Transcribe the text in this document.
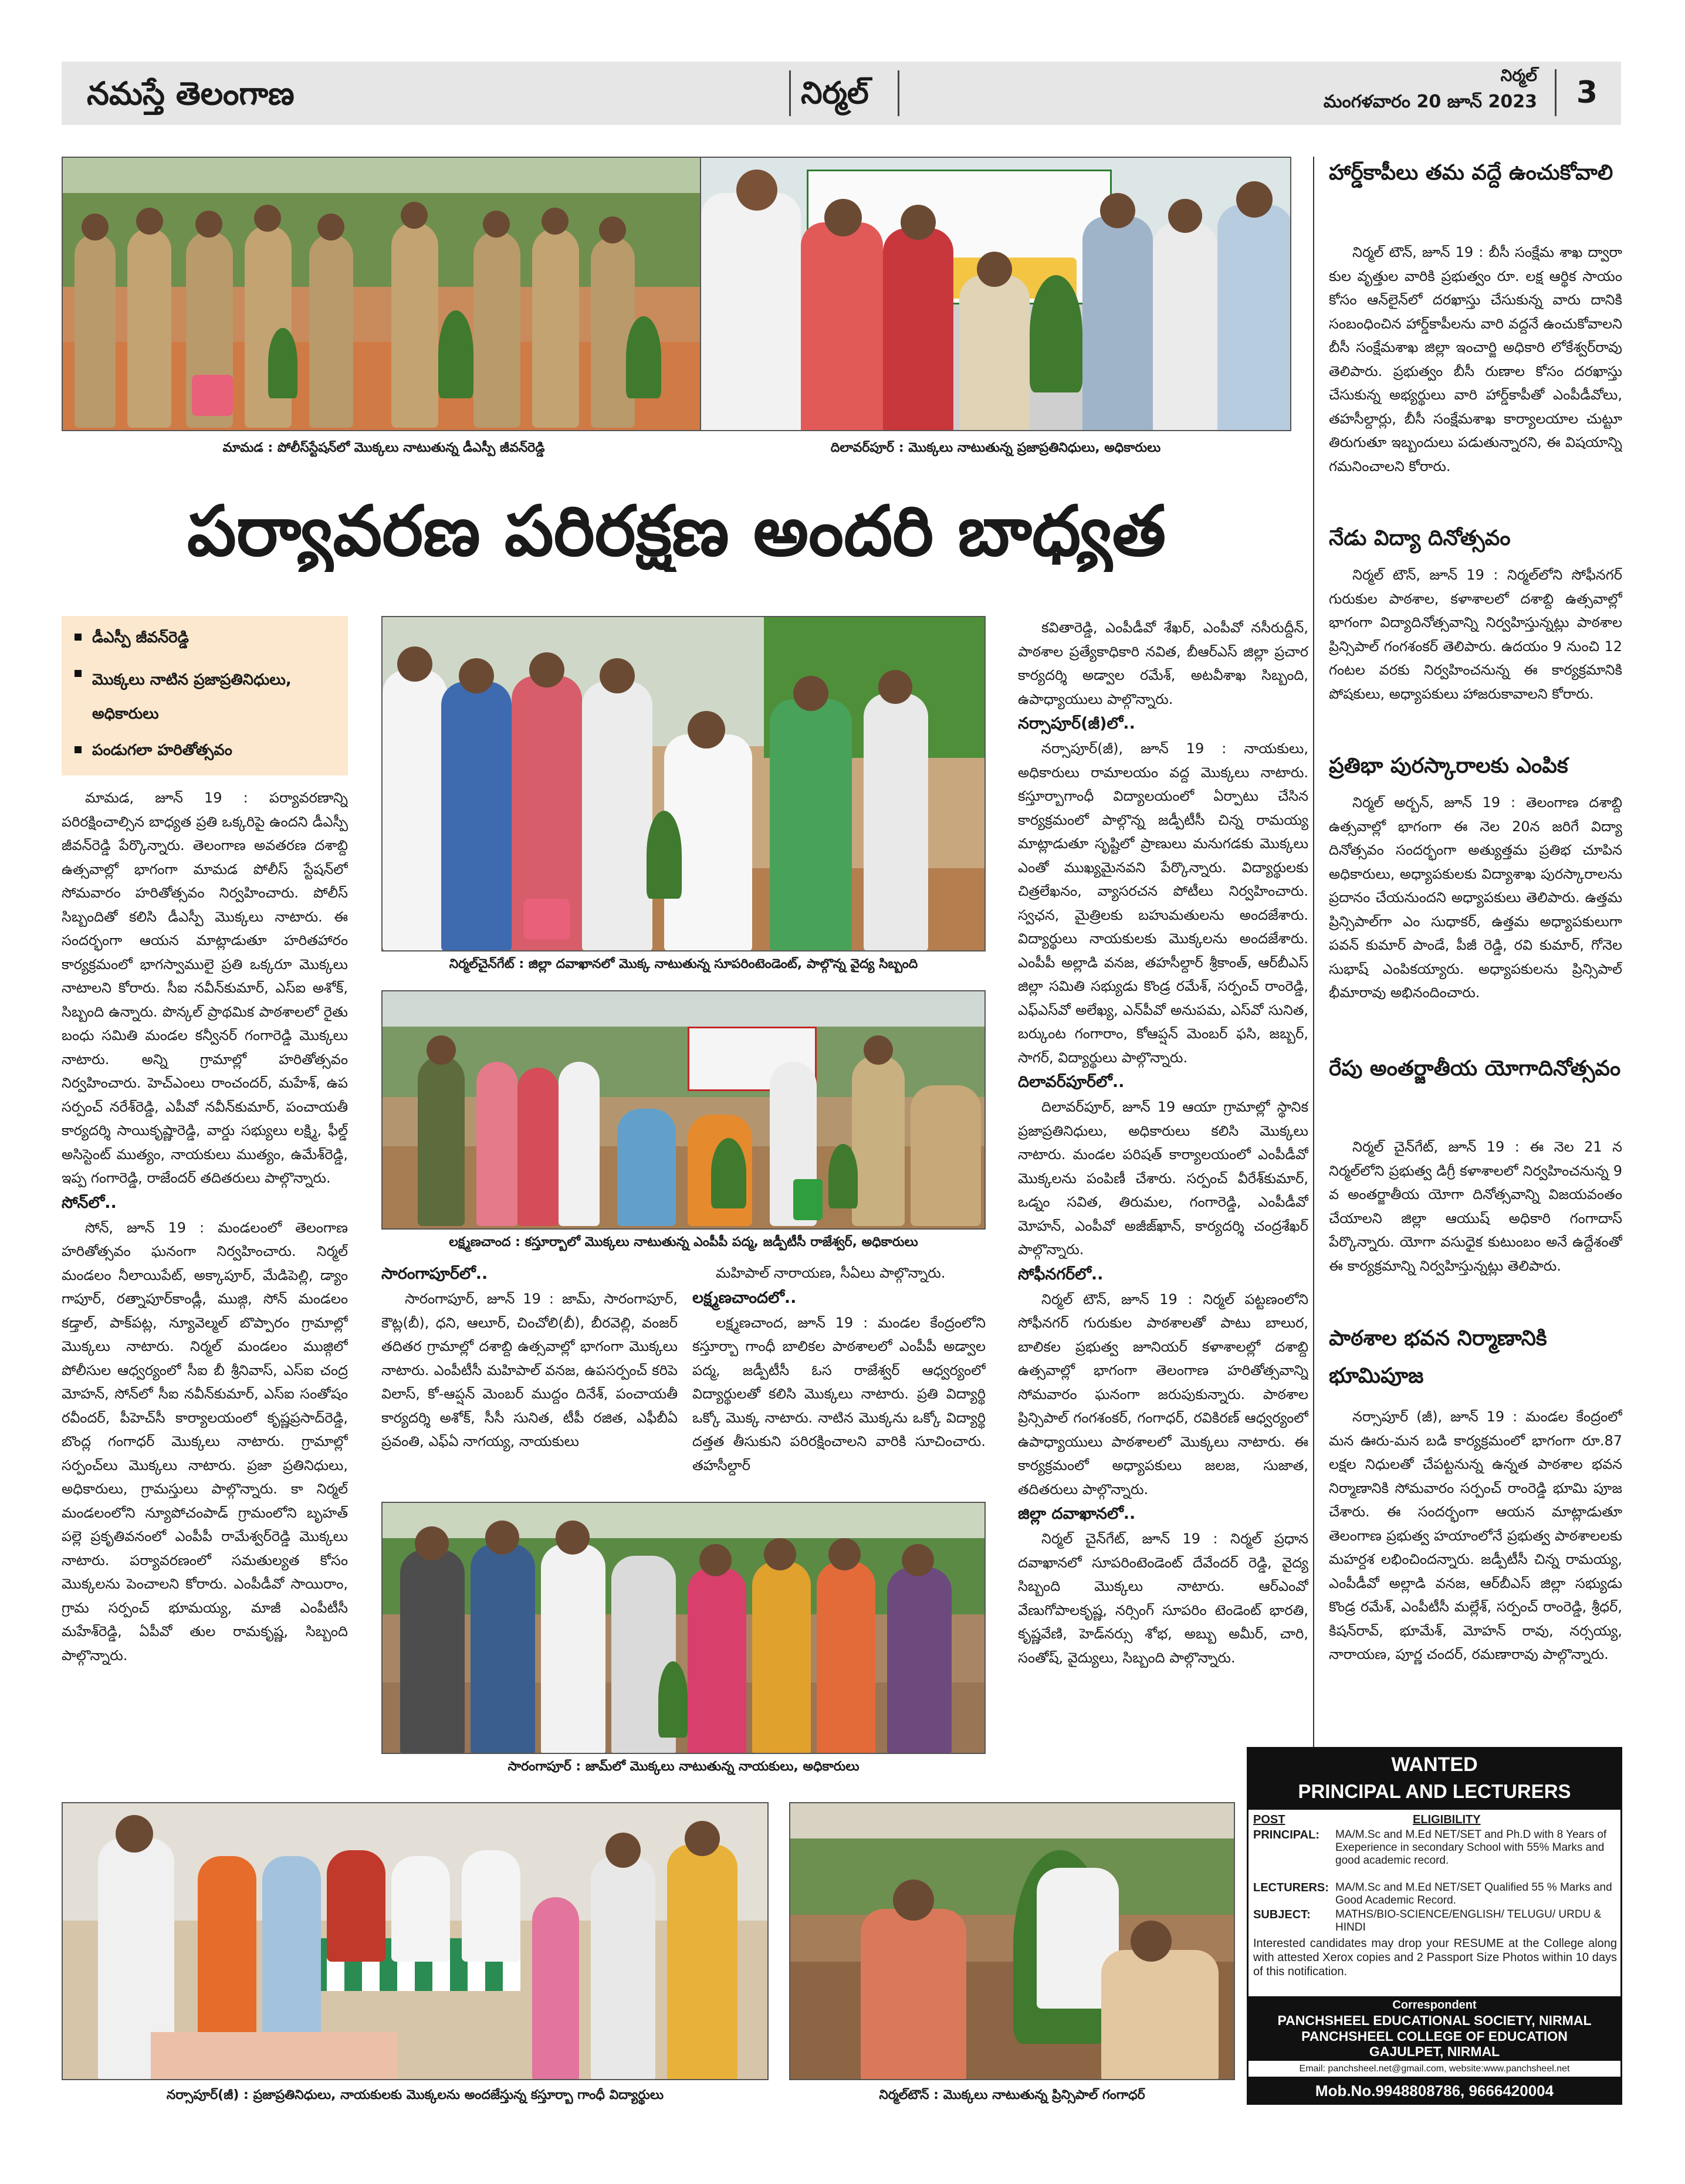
నమస్తే తెలంగాణ	నిర్మల్
నిర్మల్
మంగళవారం 20 జూన్ 2023	3
మామడ : పోలీస్‌స్టేషన్‌లో మొక్కలు నాటుతున్న డీఎస్పీ జీవన్‌రెడ్డి	దిలావర్‌పూర్ : మొక్కలు నాటుతున్న ప్రజాప్రతినిధులు, అధికారులు
పర్యావరణ పరిరక్షణ అందరి బాధ్యత
డీఎస్పీ జీవన్‌రెడ్డి
మొక్కలు నాటిన ప్రజాప్రతినిధులు, అధికారులు
పండుగలా హరితోత్సవం

మామడ, జూన్ 19 : పర్యావరణాన్ని పరిరక్షించాల్సిన బాధ్యత ప్రతి ఒక్కరిపై ఉందని డీఎస్పీ జీవన్‌రెడ్డి పేర్కొన్నారు. తెలంగాణ అవతరణ దశాబ్ది ఉత్సవాల్లో భాగంగా మామడ పోలీస్ స్టేషన్‌లో సోమవారం హరితోత్సవం నిర్వహించారు. పోలీస్ సిబ్బందితో కలిసి డీఎస్పీ మొక్కలు నాటారు. ఈ సందర్భంగా ఆయన మాట్లాడుతూ హరితహారం కార్యక్రమంలో భాగస్వాములై ప్రతి ఒక్కరూ మొక్కలు నాటాలని కోరారు. సీఐ నవీన్‌కుమార్, ఎస్‌ఐ అశోక్, సిబ్బంది ఉన్నారు. పొన్కల్ ప్రాథమిక పాఠశాలలో రైతు బంధు సమితి మండల కన్వీనర్ గంగారెడ్డి మొక్కలు నాటారు. అన్ని గ్రామాల్లో హరితోత్సవం నిర్వహించారు. హెచ్ఎంలు రాంచందర్, మహేశ్, ఉప సర్పంచ్ నరేశ్‌రెడ్డి, ఎపీవో నవీన్‌కుమార్, పంచాయతీ కార్యదర్శి సాయికృష్ణారెడ్డి, వార్డు సభ్యులు లక్ష్మి, ఫీల్డ్ అసిస్టెంట్ ముత్యం, నాయకులు ముత్యం, ఉమేశ్‌రెడ్డి, ఇప్ప గంగారెడ్డి, రాజేందర్ తదితరులు పాల్గొన్నారు.

సోన్‌లో..

సోన్, జూన్ 19 : మండలంలో తెలంగాణ హరితోత్సవం ఘనంగా నిర్వహించారు. నిర్మల్ మండలం నీలాయిపేట్, అక్కాపూర్, మేడిపెల్లి, డ్యాం గాపూర్, రత్నాపూర్‌కాండ్లీ, ముజ్గి, సోన్ మండలం కడ్తాల్, పాక్‌పట్ల, న్యూవెల్మల్ బొప్పారం గ్రామాల్లో మొక్కలు నాటారు. నిర్మల్ మండలం ముజ్గిలో పోలీసుల ఆధ్వర్యంలో సీఐ బీ శ్రీనివాస్, ఎస్‌ఐ చంద్ర మోహన్, సోన్‌లో సీఐ నవీన్‌కుమార్, ఎస్‌ఐ సంతోషం రవీందర్, పీహెచ్‌సీ కార్యాలయంలో కృష్ణప్రసాద్‌రెడ్డి, బొంద్ల గంగాధర్ మొక్కలు నాటారు. గ్రామాల్లో సర్పంచ్‌లు మొక్కలు నాటారు. ప్రజా ప్రతినిధులు, అధికారులు, గ్రామస్తులు పాల్గొన్నారు. కా నిర్మల్ మండలంలోని న్యూపోచంపాడ్ గ్రామంలోని బృహత్ పల్లె ప్రకృతివనంలో ఎంపీపీ రామేశ్వర్‌రెడ్డి మొక్కలు నాటారు. పర్యావరణంలో సమతుల్యత కోసం మొక్కలను పెంచాలని కోరారు. ఎంపీడీవో సాయిరాం, గ్రామ సర్పంచ్ భూమయ్య, మాజీ ఎంపీటీసీ మహేశ్‌రెడ్డి, ఏపీవో తుల రామకృష్ణ, సిబ్బంది పాల్గొన్నారు.

నిర్మల్‌చైన్‌గేట్ : జిల్లా దవాఖానలో మొక్క నాటుతున్న సూపరింటెండెంట్, పాల్గొన్న వైద్య సిబ్బంది
లక్ష్మణచాంద : కస్తూర్బాలో మొక్కలు నాటుతున్న ఎంపీపీ పద్మ, జడ్పీటీసీ రాజేశ్వర్, అధికారులు

సారంగాపూర్‌లో..

సారంగాపూర్, జూన్ 19 : జామ్, సారంగాపూర్, కౌట్ల(బీ), ధని, ఆలూర్, చించోలి(బీ), బీరవెల్లి, వంజర్ తదితర గ్రామాల్లో దశాబ్ది ఉత్సవాల్లో భాగంగా మొక్కలు నాటారు. ఎంపీటీసీ మహిపాల్ వనజ, ఉపసర్పంచ్ కరిపె విలాస్, కో-ఆప్షన్ మెంబర్ ముద్దం దినేశ్, పంచాయతీ కార్యదర్శి అశోక్, సీసీ సునిత, టీపీ రజిత, ఎఫీబీఏ ప్రవంతి, ఎఫ్ఏ నాగయ్య, నాయకులు

మహిపాల్ నారాయణ, సీఏలు పాల్గొన్నారు.

లక్ష్మణచాందలో..

లక్ష్మణచాంద, జూన్ 19 : మండల కేంద్రంలోని కస్తూర్బా గాంధీ బాలికల పాఠశాలలో ఎంపీపీ అడ్వాల పద్మ, జడ్పీటీసీ ఓస రాజేశ్వర్ ఆధ్వర్యంలో విద్యార్థులతో కలిసి మొక్కలు నాటారు. ప్రతి విద్యార్థి ఒక్కో మొక్క నాటారు. నాటిన మొక్కను ఒక్కో విద్యార్థి దత్తత తీసుకుని పరిరక్షించాలని వారికి సూచించారు. తహసీల్దార్

సారంగాపూర్ : జామ్‌లో మొక్కలు నాటుతున్న నాయకులు, అధికారులు

కవితారెడ్డి, ఎంపీడీవో శేఖర్, ఎంపీవో నసీరుద్దీన్, పాఠశాల ప్రత్యేకాధికారి నవిత, బీఆర్ఎస్ జిల్లా ప్రచార కార్యదర్శి అడ్వాల రమేశ్, అటవీశాఖ సిబ్బంది, ఉపాధ్యాయులు పాల్గొన్నారు.

నర్సాపూర్(జీ)లో..

నర్సాపూర్(జీ), జూన్ 19 : నాయకులు, అధికారులు రామాలయం వద్ద మొక్కలు నాటారు. కస్తూర్బాగాంధీ విద్యాలయంలో ఏర్పాటు చేసిన కార్యక్రమంలో పాల్గొన్న జడ్పీటీసీ చిన్న రామయ్య మాట్లాడుతూ సృష్టిలో ప్రాణులు మనుగడకు మొక్కలు ఎంతో ముఖ్యమైనవని పేర్కొన్నారు. విద్యార్థులకు చిత్రలేఖనం, వ్యాసరచన పోటీలు నిర్వహించారు. స్వఛన, మైత్రిలకు బహుమతులను అందజేశారు. విద్యార్థులు నాయకులకు మొక్కలను అందజేశారు. ఎంపీపీ అల్లాడి వనజ, తహసీల్దార్ శ్రీకాంత్, ఆర్‌బీఎస్ జిల్లా సమితి సభ్యుడు కొండ్ర రమేశ్, సర్పంచ్ రాంరెడ్డి, ఎఫ్ఎస్‌వో అలేఖ్య, ఎన్‌పీవో అనుపమ, ఎస్‌వో సునిత, బర్కుంట గంగారాం, కోఆప్షన్ మెంబర్ ఫసి, జబ్బర్, సాగర్, విద్యార్థులు పాల్గొన్నారు.

దిలావర్‌పూర్‌లో..

దిలావర్‌పూర్, జూన్ 19 ఆయా గ్రామాల్లో స్థానిక ప్రజాప్రతినిధులు, అధికారులు కలిసి మొక్కలు నాటారు. మండల పరిషత్ కార్యాలయంలో ఎంపీడీవో మొక్కలను పంపిణీ చేశారు. సర్పంచ్ వీరేశ్‌కుమార్, ఒడ్నం సవిత, తిరుమల, గంగారెడ్డి, ఎంపీడీవో మోహన్, ఎంపీవో అజీజ్‌ఖాన్, కార్యదర్శి చంద్రశేఖర్ పాల్గొన్నారు.

సోఫీనగర్‌లో..

నిర్మల్ టౌన్, జూన్ 19 : నిర్మల్ పట్టణంలోని సోఫీనగర్ గురుకుల పాఠశాలతో పాటు బాలుర, బాలికల ప్రభుత్వ జూనియర్ కళాశాలల్లో దశాబ్ది ఉత్సవాల్లో భాగంగా తెలంగాణ హరితోత్సవాన్ని సోమవారం ఘనంగా జరుపుకున్నారు. పాఠశాల ప్రిన్సిపాల్ గంగశంకర్, గంగాధర్, రవికిరణ్ ఆధ్వర్యంలో ఉపాధ్యాయులు పాఠశాలలో మొక్కలు నాటారు. ఈ కార్యక్రమంలో అధ్యాపకులు జలజ, సుజాత, తదితరులు పాల్గొన్నారు.

జిల్లా దవాఖానలో..

నిర్మల్ చైన్‌గేట్, జూన్ 19 : నిర్మల్ ప్రధాన దవాఖానలో సూపరింటెండెంట్ దేవేందర్ రెడ్డి, వైద్య సిబ్బంది మొక్కలు నాటారు. ఆర్‌ఎంవో వేణుగోపాలకృష్ణ, నర్సింగ్ సూపరిం టెండెంట్ భారతి, కృష్ణవేణి, హెడ్‌నర్సు శోభ, అబ్బు అమీర్, చారి, సంతోష్, వైద్యులు, సిబ్బంది పాల్గొన్నారు.

హార్డ్‌కాపీలు తమ వద్దే ఉంచుకోవాలి

నిర్మల్ టౌన్, జూన్ 19 : బీసీ సంక్షేమ శాఖ ద్వారా కుల వృత్తుల వారికి ప్రభుత్వం రూ. లక్ష ఆర్థిక సాయం కోసం ఆన్‌లైన్‌లో దరఖాస్తు చేసుకున్న వారు దానికి సంబంధించిన హార్డ్‌కాపీలను వారి వద్దనే ఉంచుకోవాలని బీసీ సంక్షేమశాఖ జిల్లా ఇంచార్జి అధికారి లోకేశ్వర్‌రావు తెలిపారు. ప్రభుత్వం బీసీ రుణాల కోసం దరఖాస్తు చేసుకున్న అభ్యర్థులు వారి హార్డ్‌కాపీతో ఎంపీడీవోలు, తహసీల్దార్లు, బీసీ సంక్షేమశాఖ కార్యాలయాల చుట్టూ తిరుగుతూ ఇబ్బందులు పడుతున్నారని, ఈ విషయాన్ని గమనించాలని కోరారు.

నేడు విద్యా దినోత్సవం

నిర్మల్ టౌన్, జూన్ 19 : నిర్మల్‌లోని సోఫీనగర్ గురుకుల పాఠశాల, కళాశాలలో దశాబ్ది ఉత్సవాల్లో భాగంగా విద్యాదినోత్సవాన్ని నిర్వహిస్తున్నట్లు పాఠశాల ప్రిన్సిపాల్ గంగశంకర్ తెలిపారు. ఉదయం 9 నుంచి 12 గంటల వరకు నిర్వహించనున్న ఈ కార్యక్రమానికి పోషకులు, అధ్యాపకులు హాజరుకావాలని కోరారు.

ప్రతిభా పురస్కారాలకు ఎంపిక

నిర్మల్ అర్బన్, జూన్ 19 : తెలంగాణ దశాబ్ది ఉత్సవాల్లో భాగంగా ఈ నెల 20న జరిగే విద్యా దినోత్సవం సందర్భంగా అత్యుత్తమ ప్రతిభ చూపిన అధికారులు, అధ్యాపకులకు విద్యాశాఖ పురస్కారాలను ప్రదానం చేయనుందని అధ్యాపకులు తెలిపారు. ఉత్తమ ప్రిన్సిపాల్‌గా ఎం సుధాకర్, ఉత్తమ అధ్యాపకులుగా పవన్ కుమార్ పాండే, పీజీ రెడ్డి, రవి కుమార్, గోనెల సుభాష్ ఎంపికయ్యారు. అధ్యాపకులను ప్రిన్సిపాల్ భీమారావు అభినందించారు.

రేపు అంతర్జాతీయ యోగాదినోత్సవం

నిర్మల్ చైన్‌గేట్, జూన్ 19 : ఈ నెల 21 న నిర్మల్‌లోని ప్రభుత్వ డిగ్రీ కళాశాలలో నిర్వహించనున్న 9 వ అంతర్జాతీయ యోగా దినోత్సవాన్ని విజయవంతం చేయాలని జిల్లా ఆయుష్ అధికారి గంగాదాస్ పేర్కొన్నారు. యోగా వసుధైక కుటుంబం అనే ఉద్దేశంతో ఈ కార్యక్రమాన్ని నిర్వహిస్తున్నట్లు తెలిపారు.

పాఠశాల భవన నిర్మాణానికి భూమిపూజ

నర్సాపూర్ (జీ), జూన్ 19 : మండల కేంద్రంలో మన ఊరు-మన బడి కార్యక్రమంలో భాగంగా రూ.87 లక్షల నిధులతో చేపట్టనున్న ఉన్నత పాఠశాల భవన నిర్మాణానికి సోమవారం సర్పంచ్ రాంరెడ్డి భూమి పూజ చేశారు. ఈ సందర్భంగా ఆయన మాట్లాడుతూ తెలంగాణ ప్రభుత్వ హయాంలోనే ప్రభుత్వ పాఠశాలలకు మహర్దశ లభించిందన్నారు. జడ్పీటీసీ చిన్న రామయ్య, ఎంపీడీవో అల్లాడి వనజ, ఆర్‌బీఎస్ జిల్లా సభ్యుడు కొండ్ర రమేశ్, ఎంపీటీసీ మల్లేశ్, సర్పంచ్ రాంరెడ్డి, శ్రీధర్, కిషన్‌రావ్, భూమేశ్, మోహన్ రావు, నర్సయ్య, నారాయణ, పూర్ణ చందర్, రమణారావు పాల్గొన్నారు.

నర్సాపూర్(జీ) : ప్రజాప్రతినిధులు, నాయకులకు మొక్కలను అందజేస్తున్న కస్తూర్బా గాంధీ విద్యార్థులు	నిర్మల్‌టౌన్ : మొక్కలు నాటుతున్న ప్రిన్సిపాల్ గంగాధర్
WANTED
PRINCIPAL AND LECTURERS
POST	ELIGIBILITY
PRINCIPAL: MA/M.Sc and M.Ed NET/SET and Ph.D with 8 Years of Exeperience in secondary School with 55% Marks and good academic record.
LECTURERS: MA/M.Sc and M.Ed NET/SET Qualified 55 % Marks and Good Academic Record.
SUBJECT: MATHS/BIO-SCIENCE/ENGLISH/ TELUGU/ URDU & HINDI
Interested candidates may drop your RESUME at the College along with attested Xerox copies and 2 Passport Size Photos within 10 days of this notification.
Correspondent
PANCHSHEEL EDUCATIONAL SOCIETY, NIRMAL
PANCHSHEEL COLLEGE OF EDUCATION
GAJULPET, NIRMAL
Email: panchsheel.net@gmail.com, website:www.panchsheel.net
Mob.No.9948808786, 9666420004
